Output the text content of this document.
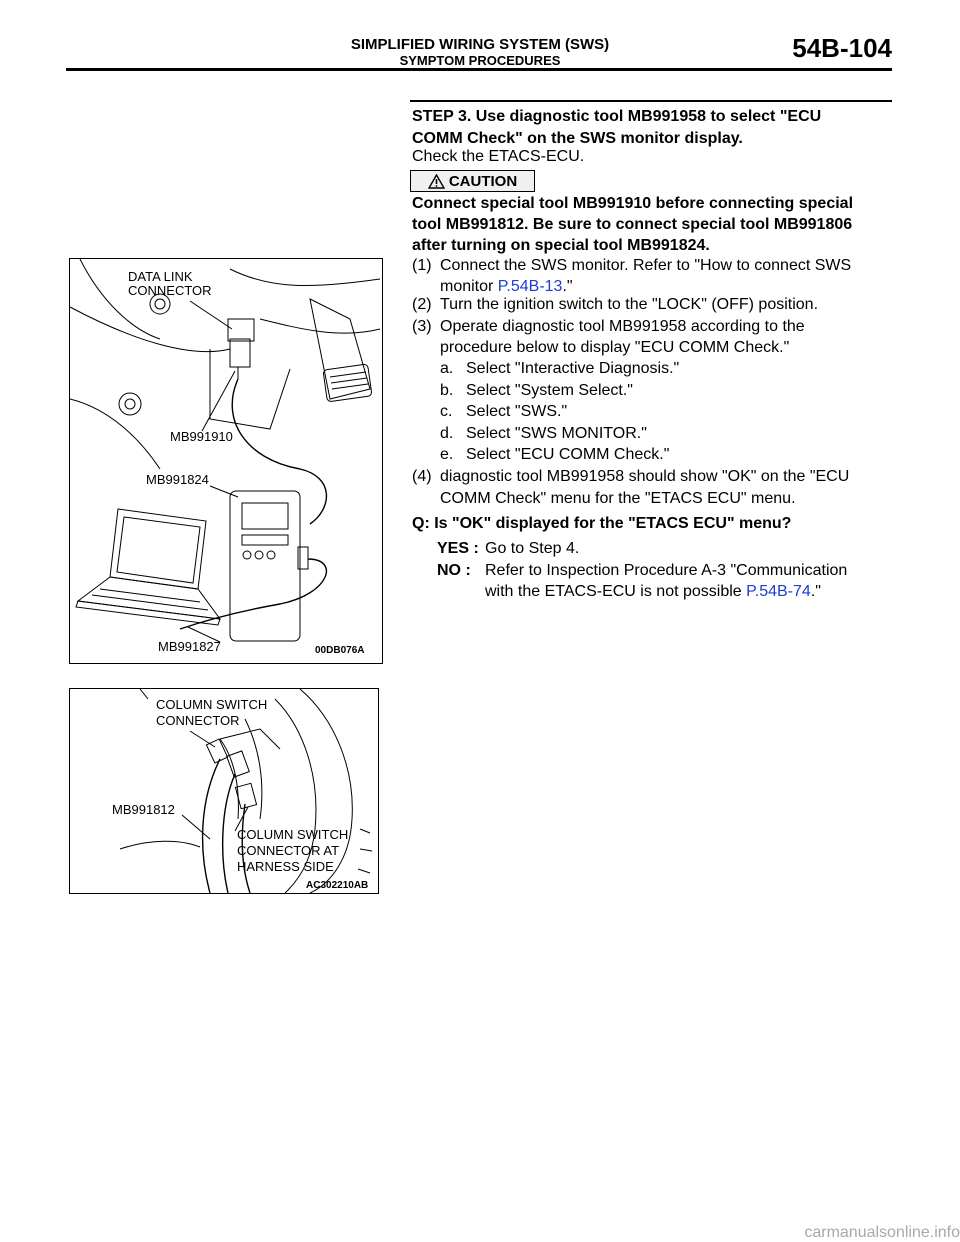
SIMPLIFIED WIRING SYSTEM (SWS)
SYMPTOM PROCEDURES	54B-104
STEP 3. Use diagnostic tool MB991958 to select "ECU
COMM Check" on the SWS monitor display.
Check the ETACS-ECU.
CAUTION
Connect special tool MB991910 before connecting special
tool MB991812. Be sure to connect special tool MB991806
after turning on special tool MB991824.
(1) Connect the SWS monitor. Refer to "How to connect SWS
monitor P.54B-13."
(2) Turn the ignition switch to the "LOCK" (OFF) position.
(3) Operate diagnostic tool MB991958 according to the
procedure below to display "ECU COMM Check."
a. Select "Interactive Diagnosis."
b. Select "System Select."
c. Select "SWS."
d. Select "SWS MONITOR."
e. Select "ECU COMM Check."
(4) diagnostic tool MB991958 should show "OK" on the "ECU
COMM Check" menu for the "ETACS ECU" menu.
Q: Is "OK" displayed for the "ETACS ECU" menu?
YES : Go to Step 4.
NO : Refer to Inspection Procedure A-3 "Communication
with the ETACS-ECU is not possible P.54B-74."
DATA LINK
CONNECTOR
MB991910
MB991824
MB991827	00DB076A
COLUMN SWITCH
CONNECTOR
MB991812
COLUMN SWITCH
CONNECTOR AT
HARNESS SIDE
AC302210AB
carmanualsonline.info
